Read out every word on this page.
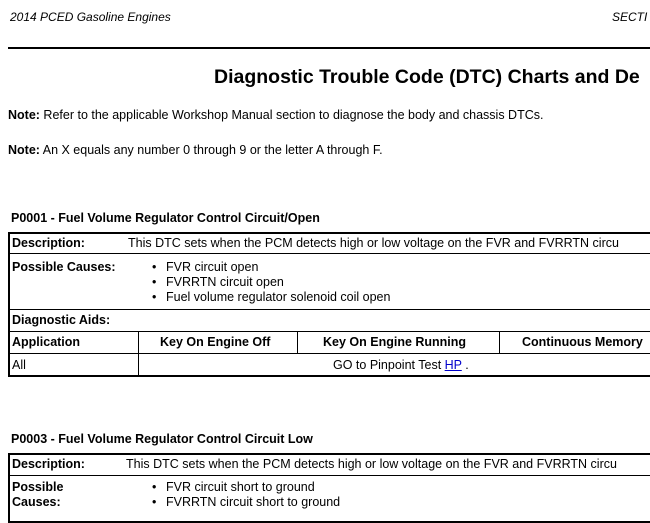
2014 PCED Gasoline Engines	SECTI
Diagnostic Trouble Code (DTC) Charts and De
Note: Refer to the applicable Workshop Manual section to diagnose the body and chassis DTCs.
Note: An X equals any number 0 through 9 or the letter A through F.
P0001 - Fuel Volume Regulator Control Circuit/Open
Description:	This DTC sets when the PCM detects high or low voltage on the FVR and FVRRTN circu
Possible Causes:
•	FVR circuit open
• FVRRTN circuit open
• Fuel volume regulator solenoid coil open
Diagnostic Aids:
Application	Key On Engine Off	Key On Engine Running	Continuous Memory
All	GO to Pinpoint Test HP .
P0003 - Fuel Volume Regulator Control Circuit Low
Description:	This DTC sets when the PCM detects high or low voltage on the FVR and FVRRTN circu
Possible
Causes:
• FVR circuit short to ground
• FVRRTN circuit short to ground
